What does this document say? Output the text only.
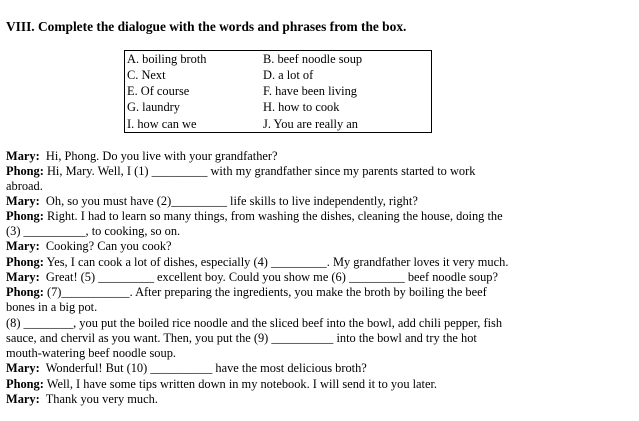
VIII. Complete the dialogue with the words and phrases from the box.
A. boiling broth	B. beef noodle soup
C. Next	D. a lot of
E. Of course	F. have been living
G. laundry	H. how to cook
I. how can we	J. You are really an
Mary: Hi, Phong. Do you live with your grandfather?
Phong: Hi, Mary. Well, I (1) _________ with my grandfather since my parents started to work
abroad.
Mary: Oh, so you must have (2)_________ life skills to live independently, right?
Phong: Right. I had to learn so many things, from washing the dishes, cleaning the house, doing the
(3) __________, to cooking, so on.
Mary: Cooking? Can you cook?
Phong: Yes, I can cook a lot of dishes, especially (4) _________. My grandfather loves it very much.
Mary: Great! (5) _________ excellent boy. Could you show me (6) _________ beef noodle soup?
Phong: (7)___________. After preparing the ingredients, you make the broth by boiling the beef
bones in a big pot.
(8) ________, you put the boiled rice noodle and the sliced beef into the bowl, add chili pepper, fish
sauce, and chervil as you want. Then, you put the (9) __________ into the bowl and try the hot
mouth-watering beef noodle soup.
Mary: Wonderful! But (10) __________ have the most delicious broth?
Phong: Well, I have some tips written down in my notebook. I will send it to you later.
Mary: Thank you very much.
